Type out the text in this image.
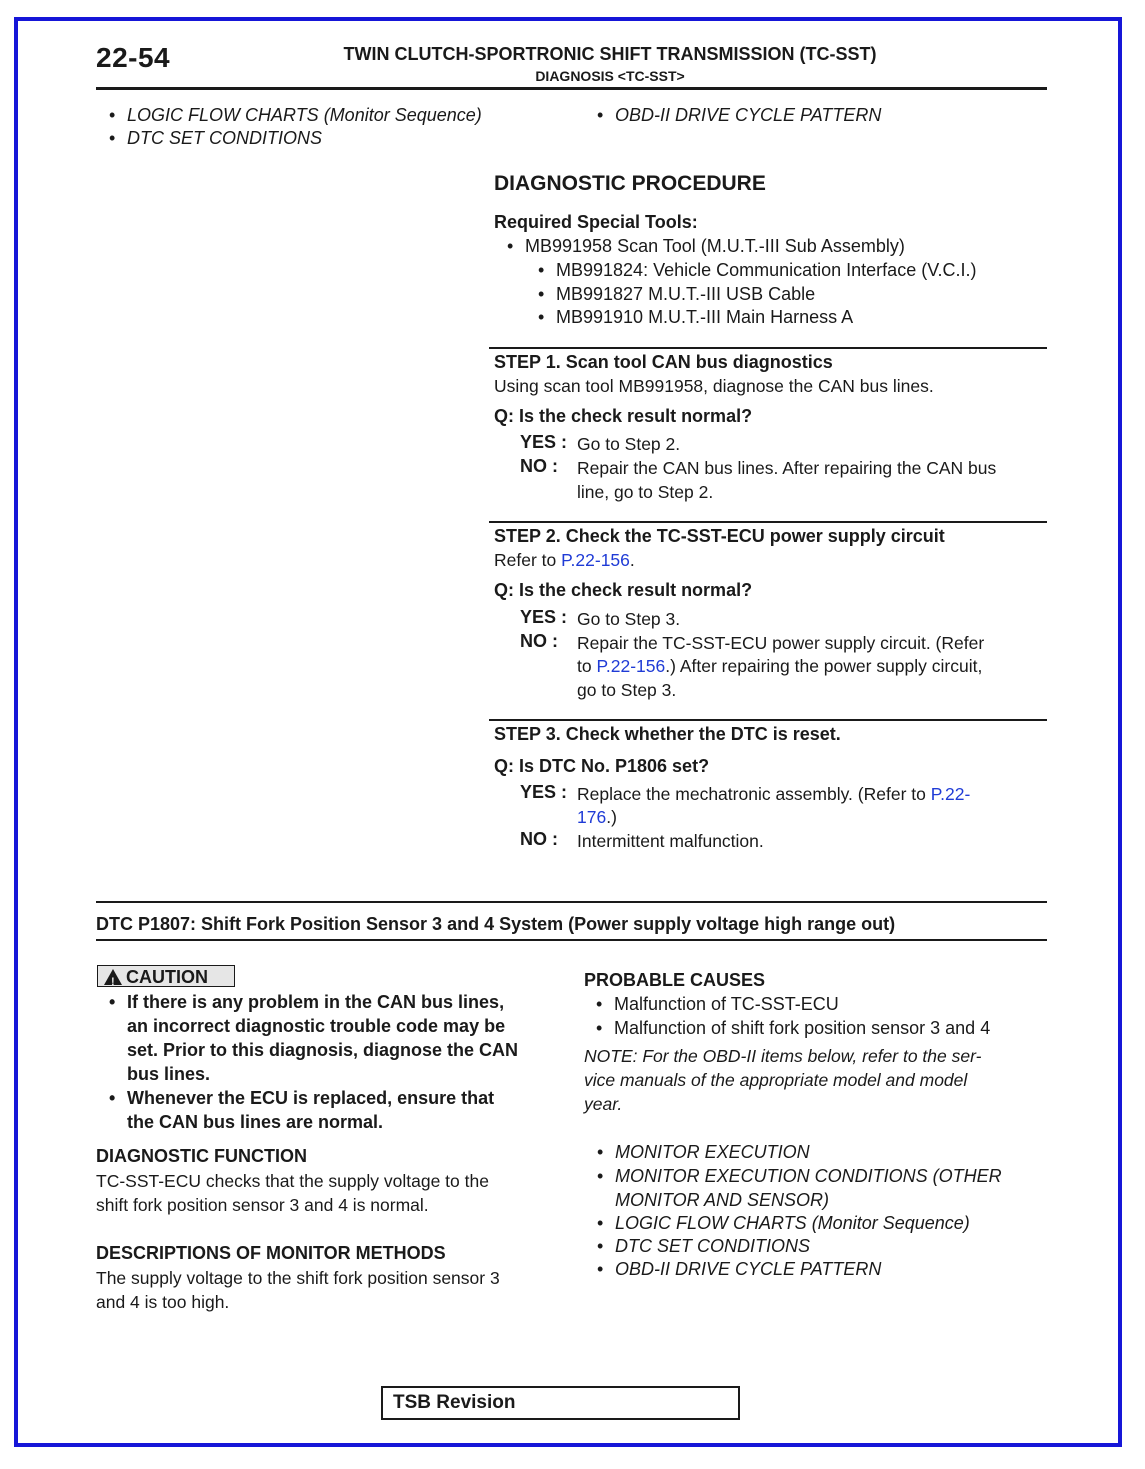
22-54	TWIN CLUTCH-SPORTRONIC SHIFT TRANSMISSION (TC-SST)
DIAGNOSIS <TC-SST>
• LOGIC FLOW CHARTS (Monitor Sequence)
• DTC SET CONDITIONS
• OBD-II DRIVE CYCLE PATTERN
DIAGNOSTIC PROCEDURE
Required Special Tools:
• MB991958 Scan Tool (M.U.T.-III Sub Assembly)
• MB991824: Vehicle Communication Interface (V.C.I.)
• MB991827 M.U.T.-III USB Cable
• MB991910 M.U.T.-III Main Harness A
STEP 1. Scan tool CAN bus diagnostics
Using scan tool MB991958, diagnose the CAN bus lines.
Q: Is the check result normal?
YES : Go to Step 2.
NO : Repair the CAN bus lines. After repairing the CAN bus
line, go to Step 2.
STEP 2. Check the TC-SST-ECU power supply circuit
Refer to P.22-156.
Q: Is the check result normal?
YES : Go to Step 3.
NO : Repair the TC-SST-ECU power supply circuit. (Refer
to P.22-156.) After repairing the power supply circuit,
go to Step 3.
STEP 3. Check whether the DTC is reset.
Q: Is DTC No. P1806 set?
YES : Replace the mechatronic assembly. (Refer to P.22-
176.)
NO : Intermittent malfunction.
DTC P1807: Shift Fork Position Sensor 3 and 4 System (Power supply voltage high range out)
!CAUTION
• If there is any problem in the CAN bus lines,
an incorrect diagnostic trouble code may be
set. Prior to this diagnosis, diagnose the CAN
bus lines.
• Whenever the ECU is replaced, ensure that
the CAN bus lines are normal.
DIAGNOSTIC FUNCTION
TC-SST-ECU checks that the supply voltage to the
shift fork position sensor 3 and 4 is normal.
DESCRIPTIONS OF MONITOR METHODS
The supply voltage to the shift fork position sensor 3
and 4 is too high.
PROBABLE CAUSES
• Malfunction of TC-SST-ECU
• Malfunction of shift fork position sensor 3 and 4
NOTE: For the OBD-II items below, refer to the ser-
vice manuals of the appropriate model and model
year.
• MONITOR EXECUTION
• MONITOR EXECUTION CONDITIONS (OTHER
MONITOR AND SENSOR)
• LOGIC FLOW CHARTS (Monitor Sequence)
• DTC SET CONDITIONS
• OBD-II DRIVE CYCLE PATTERN
TSB Revision
